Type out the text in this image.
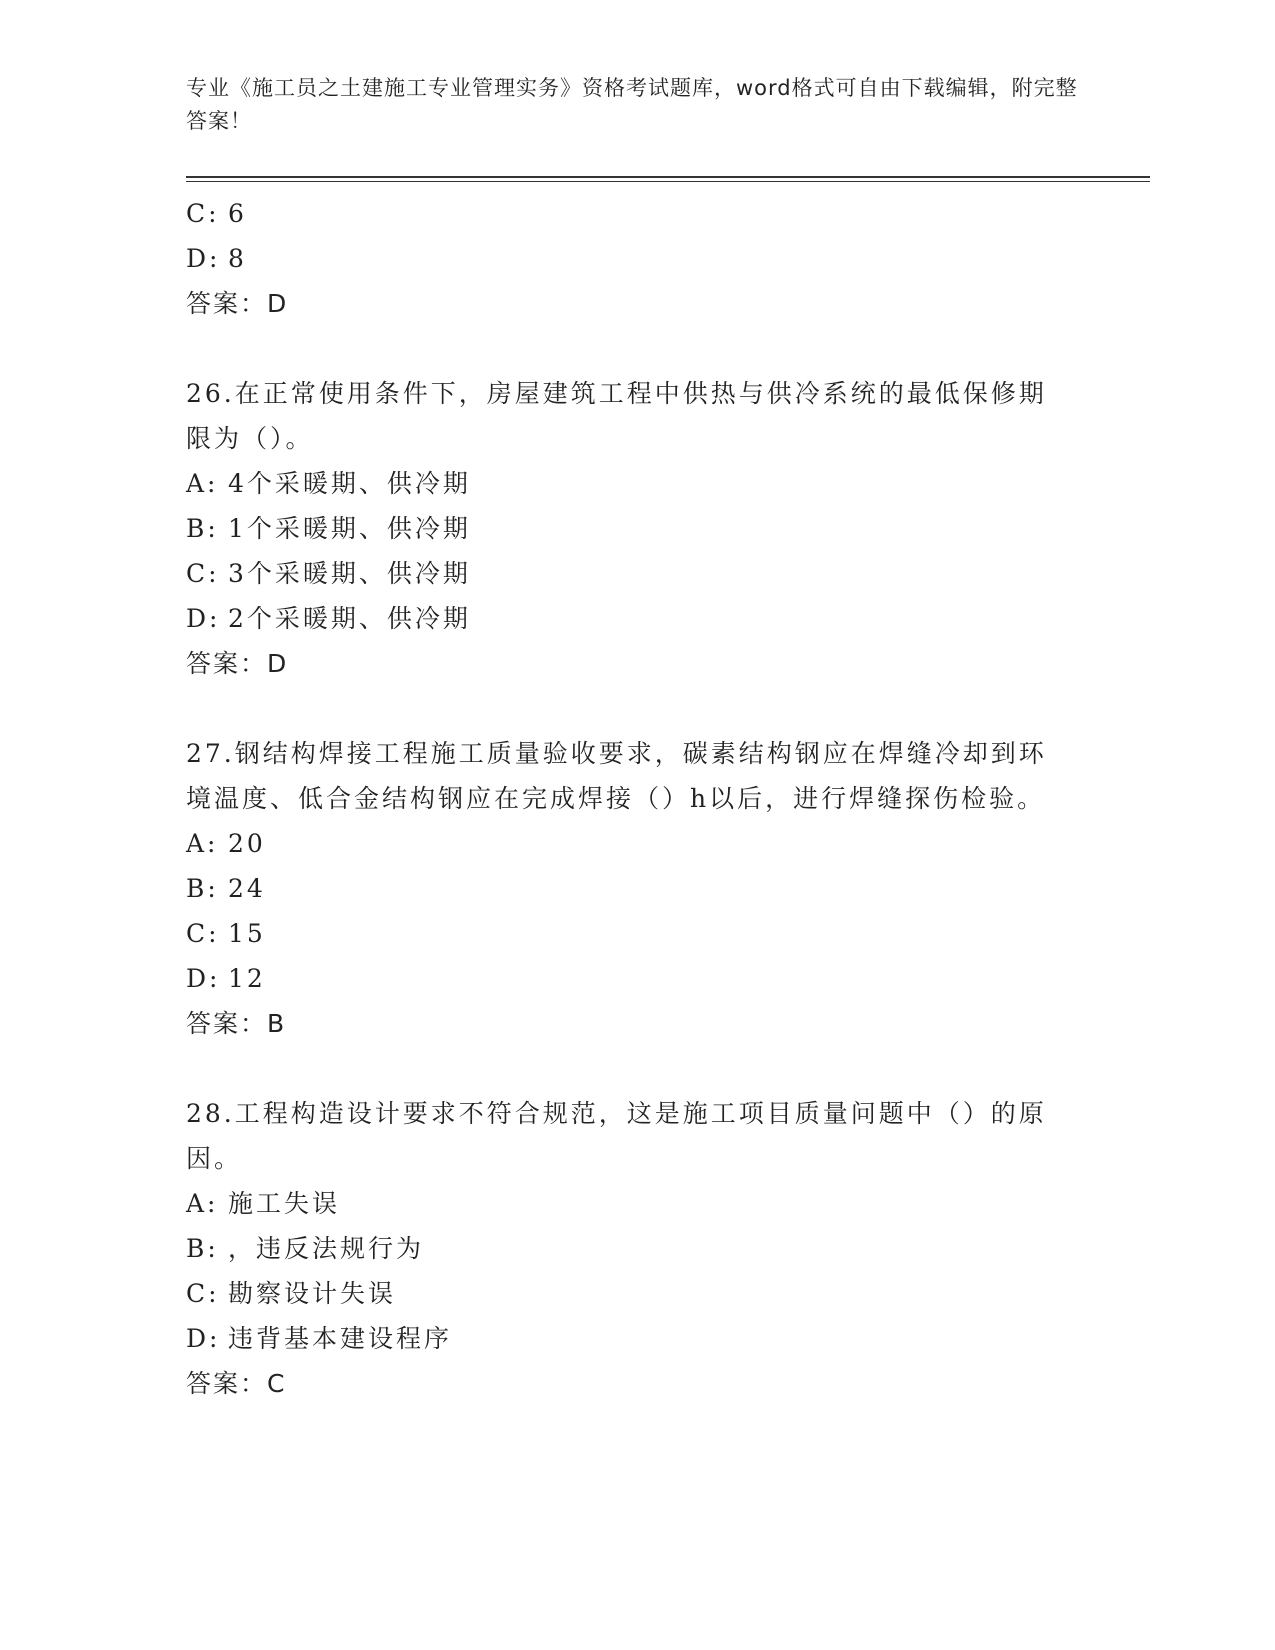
专业《施工员之土建施工专业管理实务》资格考试题库，word格式可自由下载编辑，附完整答案！
C: 6
D: 8
答案：D
26.在正常使用条件下，房屋建筑工程中供热与供冷系统的最低保修期限为（）。
A: 4个采暖期、供冷期
B: 1个采暖期、供冷期
C: 3个采暖期、供冷期
D: 2个采暖期、供冷期
答案：D
27.钢结构焊接工程施工质量验收要求，碳素结构钢应在焊缝冷却到环境温度、低合金结构钢应在完成焊接（）h以后，进行焊缝探伤检验。
A: 20
B: 24
C: 15
D: 12
答案：B
28.工程构造设计要求不符合规范，这是施工项目质量问题中（）的原因。
A: 施工失误
B: ，违反法规行为
C: 勘察设计失误
D: 违背基本建设程序
答案：C
